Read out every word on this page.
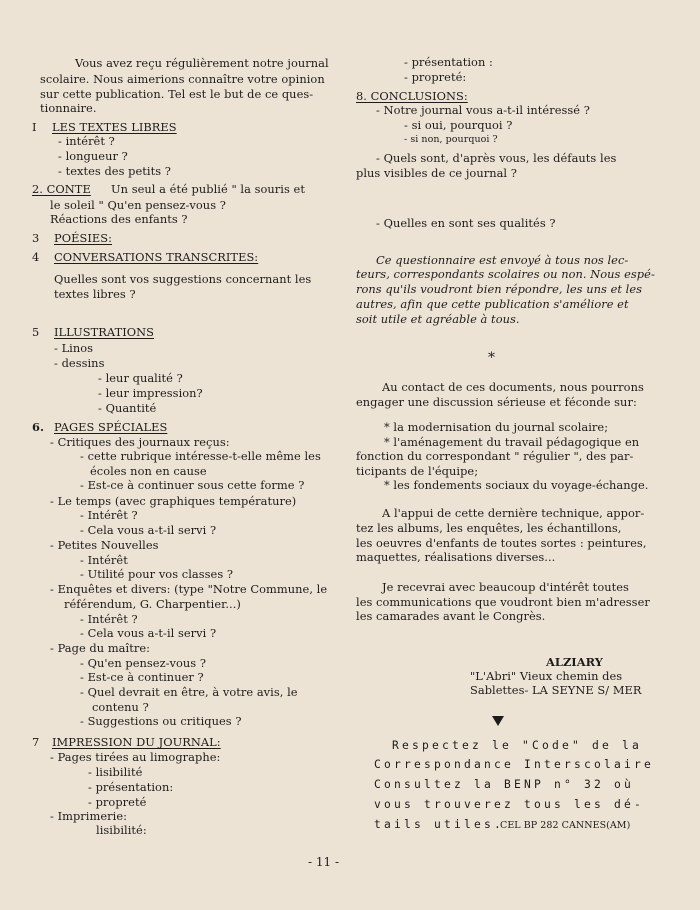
Vous avez reçu régulièrement notre journal
scolaire. Nous aimerions connaître votre opinion
sur cette publication. Tel est le but de ce ques-
tionnaire.
I LES TEXTES LIBRES
- intérêt ?
- longueur ?
- textes des petits ?
2. CONTE Un seul a été publié " la souris et
le soleil " Qu'en pensez-vous ?
Réactions des enfants ?
3 POÉSIES:
4 CONVERSATIONS TRANSCRITES:
Quelles sont vos suggestions concernant les
textes libres ?
5 ILLUSTRATIONS
- Linos
- dessins
- leur qualité ?
- leur impression?
- Quantité
6. PAGES SPÉCIALES
- Critiques des journaux reçus:
- cette rubrique intéresse-t-elle même les
écoles non en cause
- Est-ce à continuer sous cette forme ?
- Le temps (avec graphiques température)
- Intérêt ?
- Cela vous a-t-il servi ?
- Petites Nouvelles
- Intérêt
- Utilité pour vos classes ?
- Enquêtes et divers: (type "Notre Commune, le
référendum, G. Charpentier...)
- Intérêt ?
- Cela vous a-t-il servi ?
- Page du maître:
- Qu'en pensez-vous ?
- Est-ce à continuer ?
- Quel devrait en être, à votre avis, le
contenu ?
- Suggestions ou critiques ?
7 IMPRESSION DU JOURNAL:
- Pages tirées au limographe:
- lisibilité
- présentation:
- propreté
- Imprimerie:
lisibilité:
- présentation :
- propreté:
8. CONCLUSIONS:
- Notre journal vous a-t-il intéressé ?
- si oui, pourquoi ?
- si non, pourquoi ?
- Quels sont, d'après vous, les défauts les
plus visibles de ce journal ?
- Quelles en sont ses qualités ?
Ce questionnaire est envoyé à tous nos lec-
teurs, correspondants scolaires ou non. Nous espé-
rons qu'ils voudront bien répondre, les uns et les
autres, afin que cette publication s'améliore et
soit utile et agréable à tous.
Au contact de ces documents, nous pourrons
engager une discussion sérieuse et féconde sur:
* la modernisation du journal scolaire;
* l'aménagement du travail pédagogique en
fonction du correspondant " régulier ", des par-
ticipants de l'équipe;
* les fondements sociaux du voyage-échange.
A l'appui de cette dernière technique, appor-
tez les albums, les enquêtes, les échantillons,
les oeuvres d'enfants de toutes sortes : peintures,
maquettes, réalisations diverses...
Je recevrai avec beaucoup d'intérêt toutes
les communications que voudront bien m'adresser
les camarades avant le Congrès.
ALZIARY
"L'Abri" Vieux chemin des
Sablettes- LA SEYNE S/ MER
Respectez le "Code" de la
Correspondance Interscolaire
Consultez la BENP n° 32 où
vous trouverez tous les dé-
tails utiles.
CEL BP 282 CANNES(AM)
*
- 11 -
